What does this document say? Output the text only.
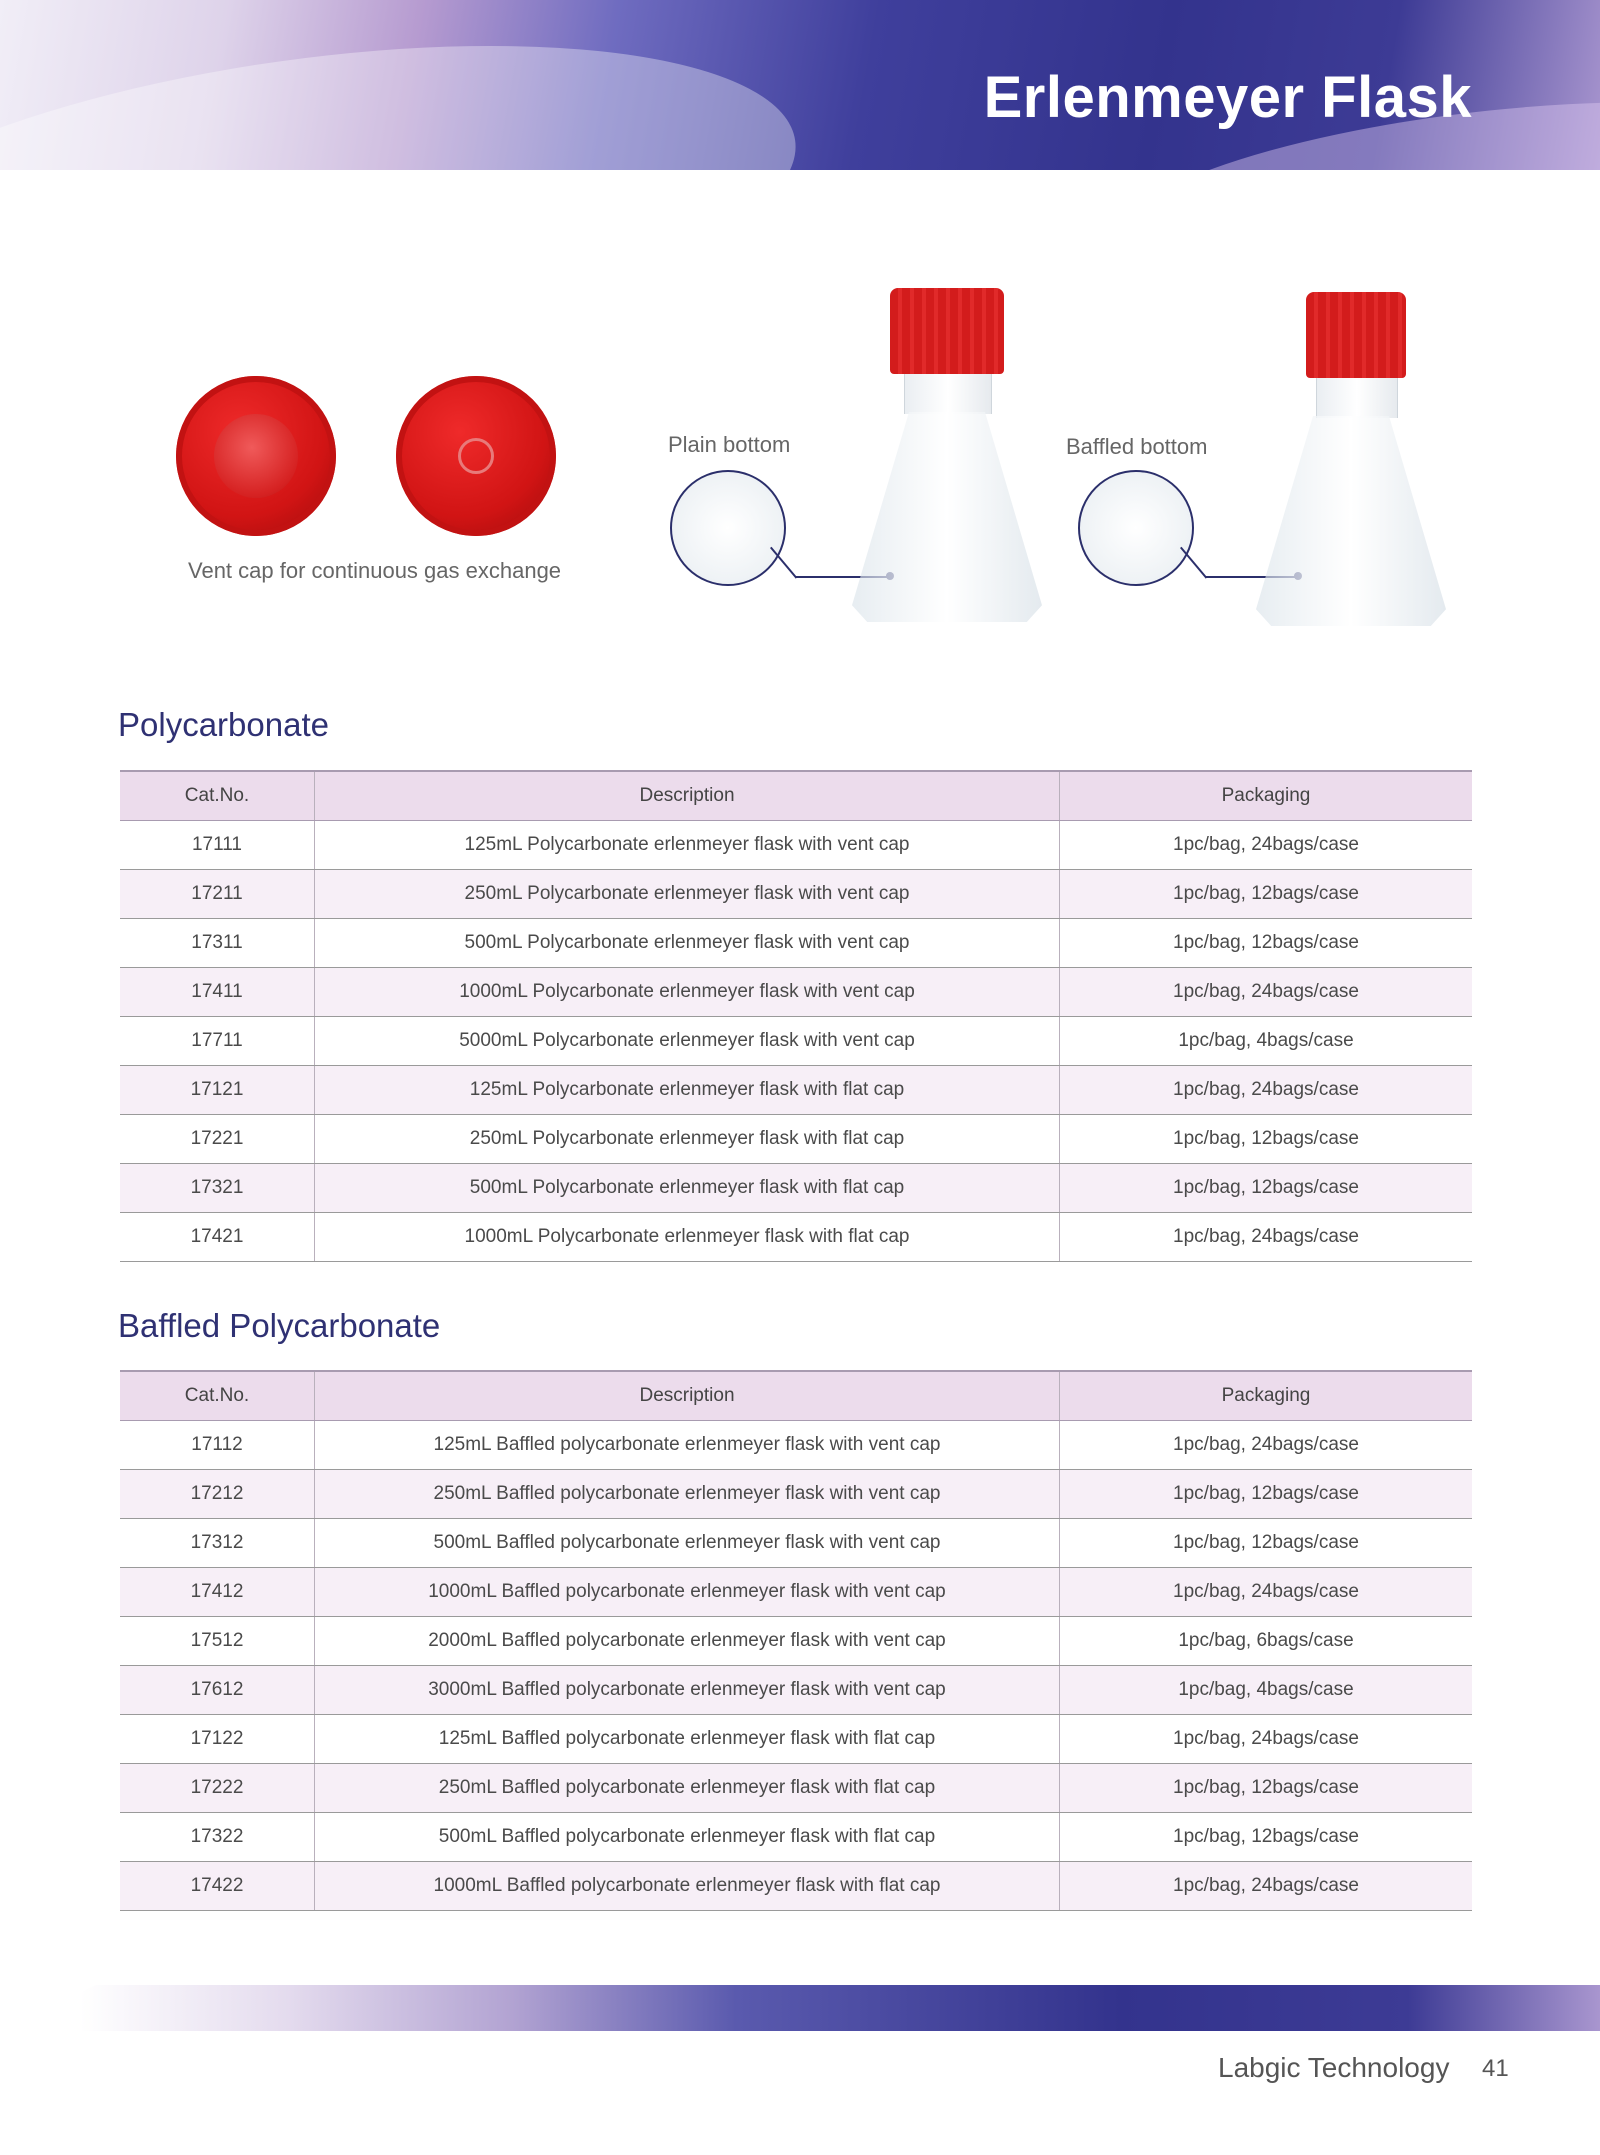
Erlenmeyer Flask
Vent cap for continuous gas exchange
Plain bottom	Baffled bottom
Polycarbonate
Cat.No.	Description	Packaging
17111	125mL Polycarbonate erlenmeyer flask with vent cap	1pc/bag, 24bags/case
17211	250mL Polycarbonate erlenmeyer flask with vent cap	1pc/bag, 12bags/case
17311	500mL Polycarbonate erlenmeyer flask with vent cap	1pc/bag, 12bags/case
17411	1000mL Polycarbonate erlenmeyer flask with vent cap	1pc/bag, 24bags/case
17711	5000mL Polycarbonate erlenmeyer flask with vent cap	1pc/bag, 4bags/case
17121	125mL Polycarbonate erlenmeyer flask with flat cap	1pc/bag, 24bags/case
17221	250mL Polycarbonate erlenmeyer flask with flat cap	1pc/bag, 12bags/case
17321	500mL Polycarbonate erlenmeyer flask with flat cap	1pc/bag, 12bags/case
17421	1000mL Polycarbonate erlenmeyer flask with flat cap	1pc/bag, 24bags/case
Baffled Polycarbonate
Cat.No.	Description	Packaging
17112	125mL Baffled polycarbonate erlenmeyer flask with vent cap	1pc/bag, 24bags/case
17212	250mL Baffled polycarbonate erlenmeyer flask with vent cap	1pc/bag, 12bags/case
17312	500mL Baffled polycarbonate erlenmeyer flask with vent cap	1pc/bag, 12bags/case
17412	1000mL Baffled polycarbonate erlenmeyer flask with vent cap	1pc/bag, 24bags/case
17512	2000mL Baffled polycarbonate erlenmeyer flask with vent cap	1pc/bag, 6bags/case
17612	3000mL Baffled polycarbonate erlenmeyer flask with vent cap	1pc/bag, 4bags/case
17122	125mL Baffled polycarbonate erlenmeyer flask with flat cap	1pc/bag, 24bags/case
17222	250mL Baffled polycarbonate erlenmeyer flask with flat cap	1pc/bag, 12bags/case
17322	500mL Baffled polycarbonate erlenmeyer flask with flat cap	1pc/bag, 12bags/case
17422	1000mL Baffled polycarbonate erlenmeyer flask with flat cap	1pc/bag, 24bags/case
Labgic Technology 41
